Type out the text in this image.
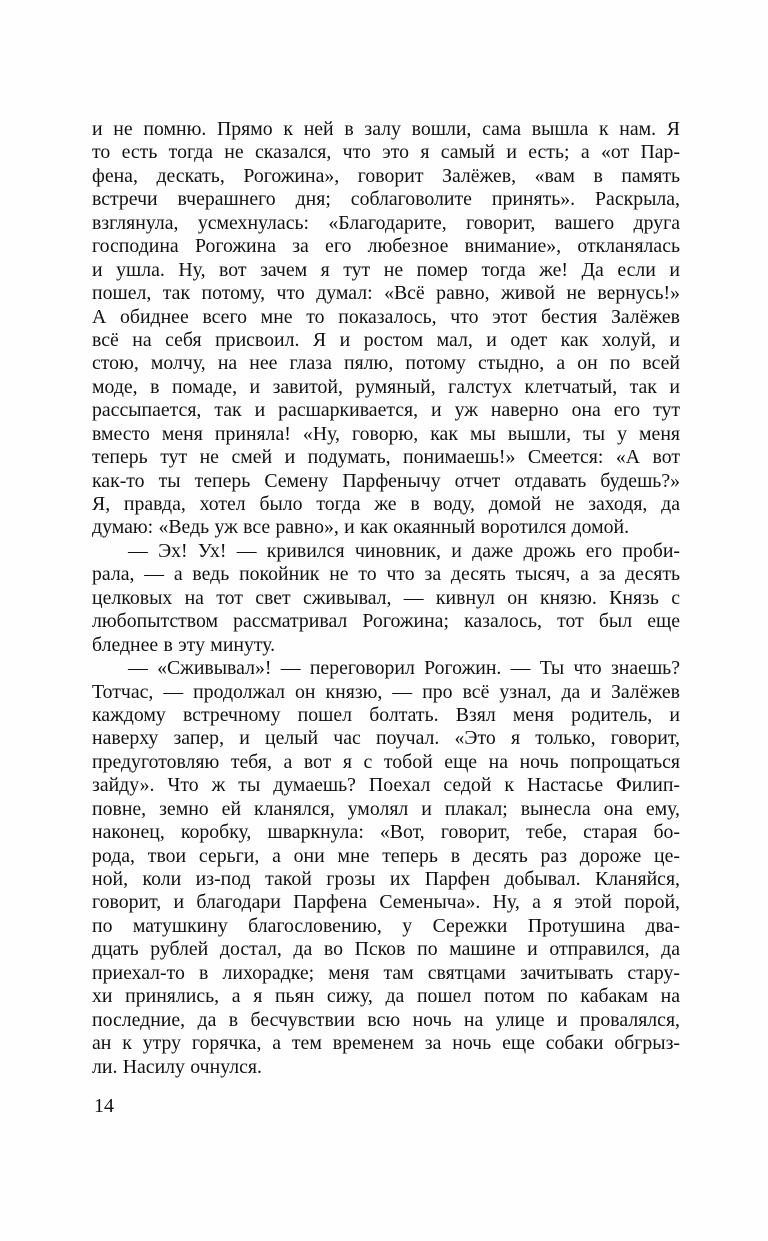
и не помню. Прямо к ней в залу вошли, сама вышла к нам. Я
то есть тогда не сказался, что это я самый и есть; а «от Пар-
фена, дескать, Рогожина», говорит Залёжев, «вам в память
встречи вчерашнего дня; соблаговолите принять». Раскрыла,
взглянула, усмехнулась: «Благодарите, говорит, вашего друга
господина Рогожина за его любезное внимание», откланялась
и ушла. Ну, вот зачем я тут не помер тогда же! Да если и
пошел, так потому, что думал: «Всё равно, живой не вернусь!»
А обиднее всего мне то показалось, что этот бестия Залёжев
всё на себя присвоил. Я и ростом мал, и одет как холуй, и
стою, молчу, на нее глаза пялю, потому стыдно, а он по всей
моде, в помаде, и завитой, румяный, галстух клетчатый, так и
рассыпается, так и расшаркивается, и уж наверно она его тут
вместо меня приняла! «Ну, говорю, как мы вышли, ты у меня
теперь тут не смей и подумать, понимаешь!» Смеется: «А вот
как-то ты теперь Семену Парфенычу отчет отдавать будешь?»
Я, правда, хотел было тогда же в воду, домой не заходя, да
думаю: «Ведь уж все равно», и как окаянный воротился домой.
— Эх! Ух! — кривился чиновник, и даже дрожь его проби-
рала, — а ведь покойник не то что за десять тысяч, а за десять
целковых на тот свет сживывал, — кивнул он князю. Князь с
любопытством рассматривал Рогожина; казалось, тот был еще
бледнее в эту минуту.
— «Сживывал»! — переговорил Рогожин. — Ты что знаешь?
Тотчас, — продолжал он князю, — про всё узнал, да и Залёжев
каждому встречному пошел болтать. Взял меня родитель, и
наверху запер, и целый час поучал. «Это я только, говорит,
предуготовляю тебя, а вот я с тобой еще на ночь попрощаться
зайду». Что ж ты думаешь? Поехал седой к Настасье Филип-
повне, земно ей кланялся, умолял и плакал; вынесла она ему,
наконец, коробку, шваркнула: «Вот, говорит, тебе, старая бо-
рода, твои серьги, а они мне теперь в десять раз дороже це-
ной, коли из-под такой грозы их Парфен добывал. Кланяйся,
говорит, и благодари Парфена Семеныча». Ну, а я этой порой,
по матушкину благословению, у Сережки Протушина два-
дцать рублей достал, да во Псков по машине и отправился, да
приехал-то в лихорадке; меня там святцами зачитывать стару-
хи принялись, а я пьян сижу, да пошел потом по кабакам на
последние, да в бесчувствии всю ночь на улице и провалялся,
ан к утру горячка, а тем временем за ночь еще собаки обгрыз-
ли. Насилу очнулся.
14
